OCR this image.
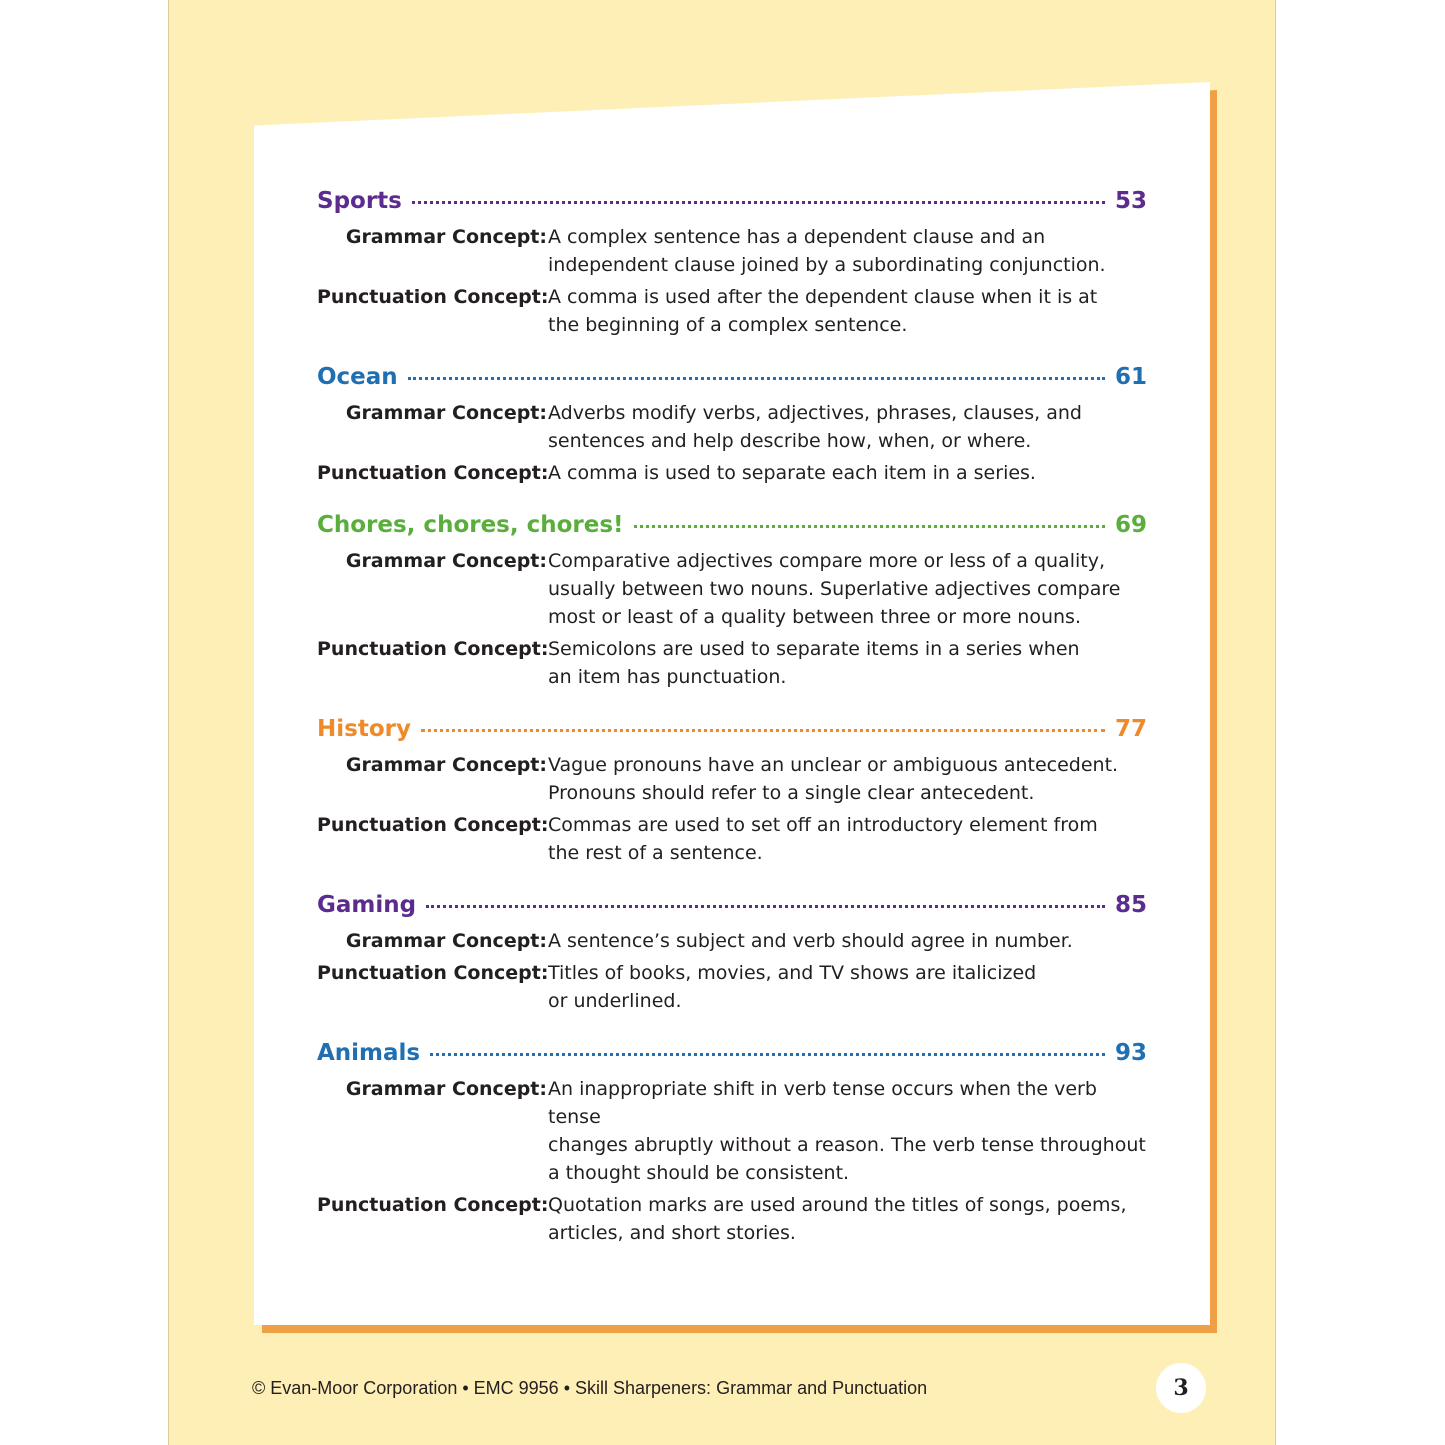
Sports	53
Grammar Concept: A complex sentence has a dependent clause and an
independent clause joined by a subordinating conjunction.
Punctuation Concept: A comma is used after the dependent clause when it is at
the beginning of a complex sentence.
Ocean	61
Grammar Concept: Adverbs modify verbs, adjectives, phrases, clauses, and
sentences and help describe how, when, or where.
Punctuation Concept: A comma is used to separate each item in a series.
Chores, chores, chores!	69
Grammar Concept: Comparative adjectives compare more or less of a quality,
usually between two nouns. Superlative adjectives compare
most or least of a quality between three or more nouns.
Punctuation Concept: Semicolons are used to separate items in a series when
an item has punctuation.
History	77
Grammar Concept: Vague pronouns have an unclear or ambiguous antecedent.
Pronouns should refer to a single clear antecedent.
Punctuation Concept: Commas are used to set off an introductory element from
the rest of a sentence.
Gaming	85
Grammar Concept: A sentence’s subject and verb should agree in number.
Punctuation Concept: Titles of books, movies, and TV shows are italicized
or underlined.
Animals	93
Grammar Concept: An inappropriate shift in verb tense occurs when the verb tense
changes abruptly without a reason. The verb tense throughout
a thought should be consistent.
Punctuation Concept: Quotation marks are used around the titles of songs, poems,
articles, and short stories.
© Evan-Moor Corporation • EMC 9956 • Skill Sharpeners: Grammar and Punctuation	3
